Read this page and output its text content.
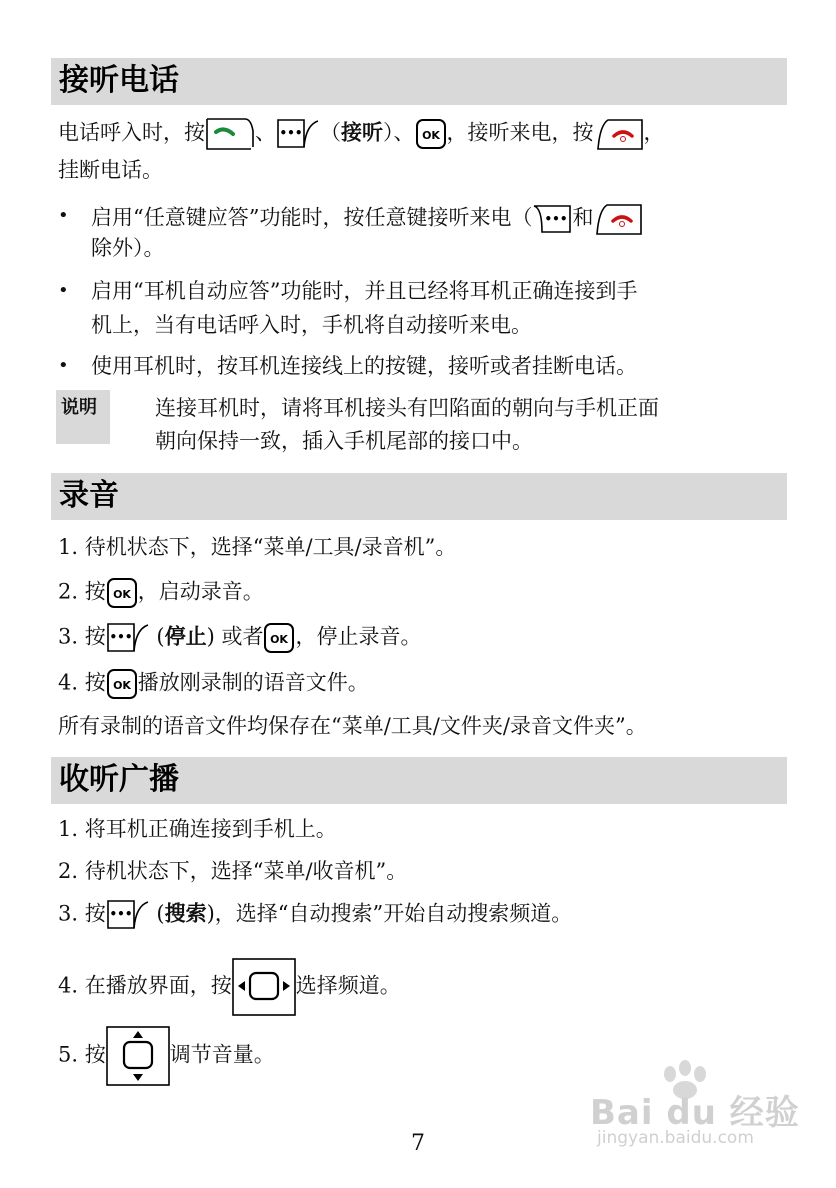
接听电话
电话呼入时，按 、 ••• （接听）、 OK ，接听来电，按 ，
挂断电话。
• 启用“任意键应答”功能时，按任意键接听来电（ ••• 和
除外）。
• 启用“耳机自动应答”功能时，并且已经将耳机正确连接到手
机上，当有电话呼入时，手机将自动接听来电。
• 使用耳机时，按耳机连接线上的按键，接听或者挂断电话。
说明	连接耳机时，请将耳机接头有凹陷面的朝向与手机正面
朝向保持一致，插入手机尾部的接口中。
录音
1. 待机状态下，选择“菜单/工具/录音机”。
2. 按 OK ，启动录音。
3. 按 ••• (停止) 或者 OK ，停止录音。
4. 按 OK 播放刚录制的语音文件。
所有录制的语音文件均保存在“菜单/工具/文件夹/录音文件夹”。
收听广播
1. 将耳机正确连接到手机上。
2. 待机状态下，选择“菜单/收音机”。
3. 按 ••• (搜索)，选择“自动搜索”开始自动搜索频道。
4. 在播放界面，按	选择频道。
5. 按	调节音量。
Bai du 经验
jingyan.baidu.com
7
